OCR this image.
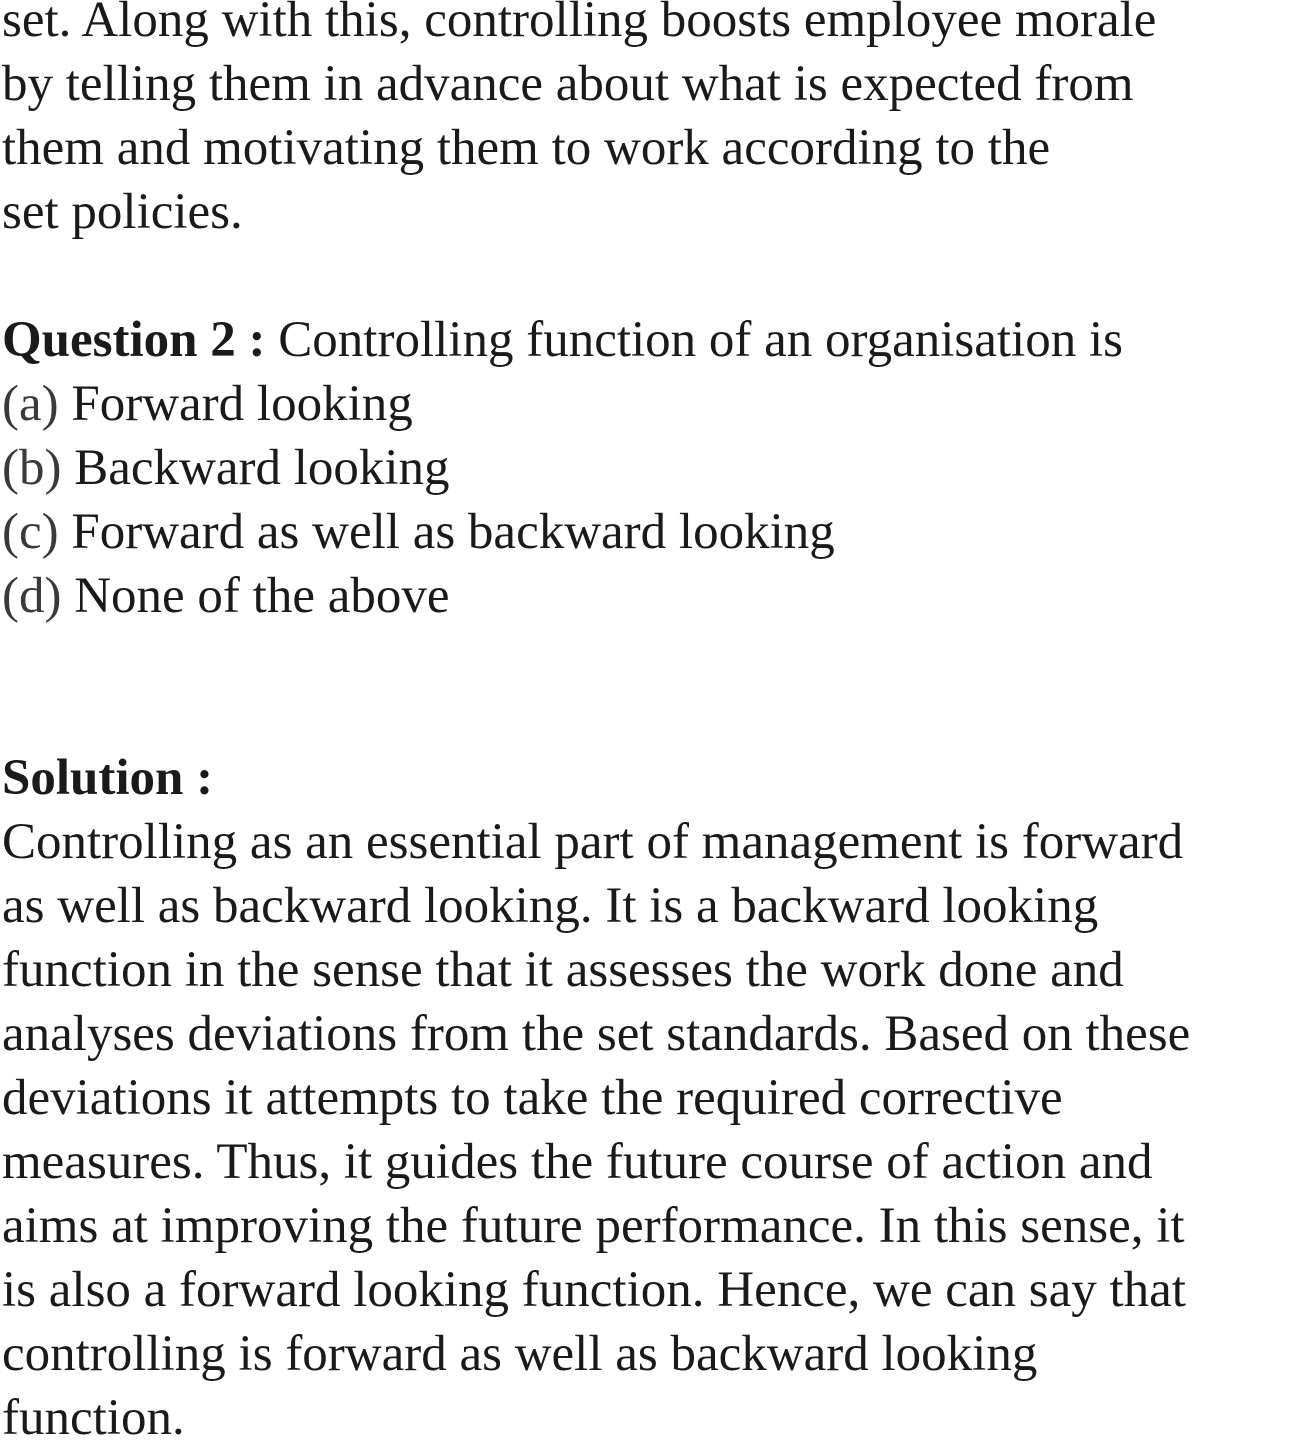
set. Along with this, controlling boosts employee morale
by telling them in advance about what is expected from
them and motivating them to work according to the
set policies.
Question 2 : Controlling function of an organisation is
(a) Forward looking
(b) Backward looking
(c) Forward as well as backward looking
(d) None of the above
Solution :
Controlling as an essential part of management is forward
as well as backward looking. It is a backward looking
function in the sense that it assesses the work done and
analyses deviations from the set standards. Based on these
deviations it attempts to take the required corrective
measures. Thus, it guides the future course of action and
aims at improving the future performance. In this sense, it
is also a forward looking function. Hence, we can say that
controlling is forward as well as backward looking
function.
